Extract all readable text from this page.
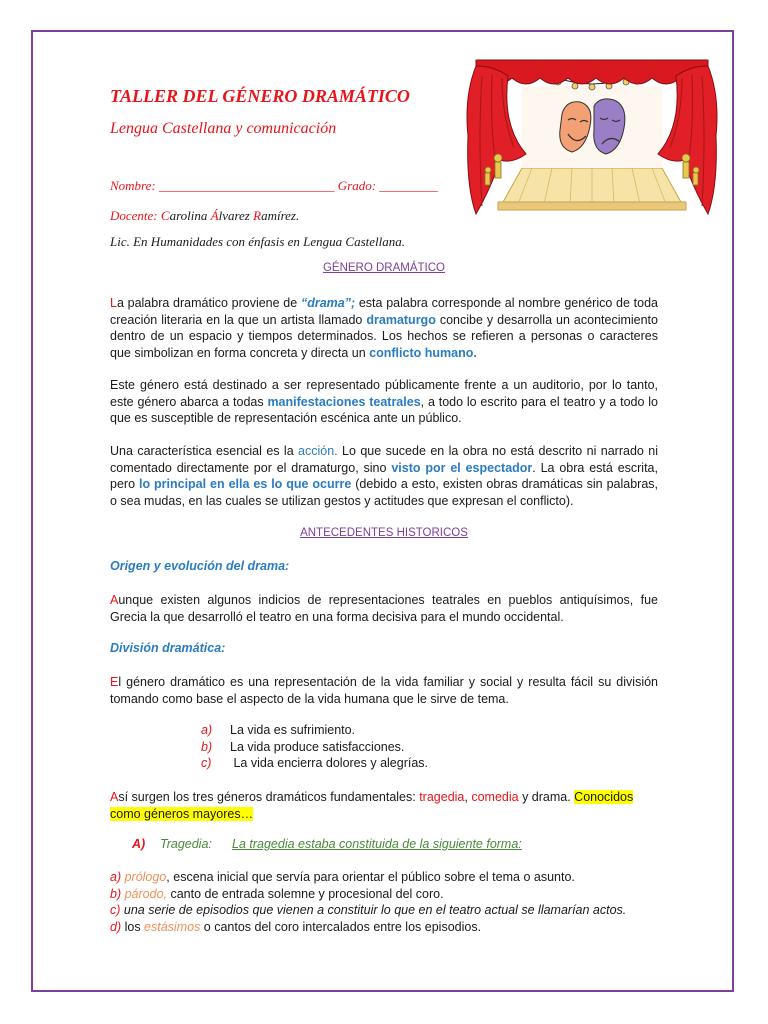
TALLER DEL GÉNERO DRAMÁTICO
Lengua Castellana y comunicación
Nombre: ___________________________ Grado: _________
Docente: Carolina Álvarez Ramírez.
Lic. En Humanidades con énfasis en Lengua Castellana.
GÉNERO DRAMÁTICO
La palabra dramático proviene de “drama”; esta palabra corresponde al nombre genérico de toda creación literaria en la que un artista llamado dramaturgo concibe y desarrolla un acontecimiento dentro de un espacio y tiempos determinados. Los hechos se refieren a personas o caracteres que simbolizan en forma concreta y directa un conflicto humano.
Este género está destinado a ser representado públicamente frente a un auditorio, por lo tanto, este género abarca a todas manifestaciones teatrales, a todo lo escrito para el teatro y a todo lo que es susceptible de representación escénica ante un público.
Una característica esencial es la acción. Lo que sucede en la obra no está descrito ni narrado ni comentado directamente por el dramaturgo, sino visto por el espectador. La obra está escrita, pero lo principal en ella es lo que ocurre (debido a esto, existen obras dramáticas sin palabras, o sea mudas, en las cuales se utilizan gestos y actitudes que expresan el conflicto).
ANTECEDENTES HISTORICOS
Origen y evolución del drama:
Aunque existen algunos indicios de representaciones teatrales en pueblos antiquísimos, fue Grecia la que desarrolló el teatro en una forma decisiva para el mundo occidental.
División dramática:
El género dramático es una representación de la vida familiar y social y resulta fácil su división tomando como base el aspecto de la vida humana que le sirve de tema.
a) La vida es sufrimiento.
b) La vida produce satisfacciones.
c) La vida encierra dolores y alegrías.
Así surgen los tres géneros dramáticos fundamentales: tragedia, comedia y drama. Conocidos como géneros mayores…
A) Tragedia: La tragedia estaba constituida de la siguiente forma:
a) prólogo, escena inicial que servía para orientar el público sobre el tema o asunto.
b) párodo, canto de entrada solemne y procesional del coro.
c) una serie de episodios que vienen a constituir lo que en el teatro actual se llamarían actos.
d) los estásimos o cantos del coro intercalados entre los episodios.
